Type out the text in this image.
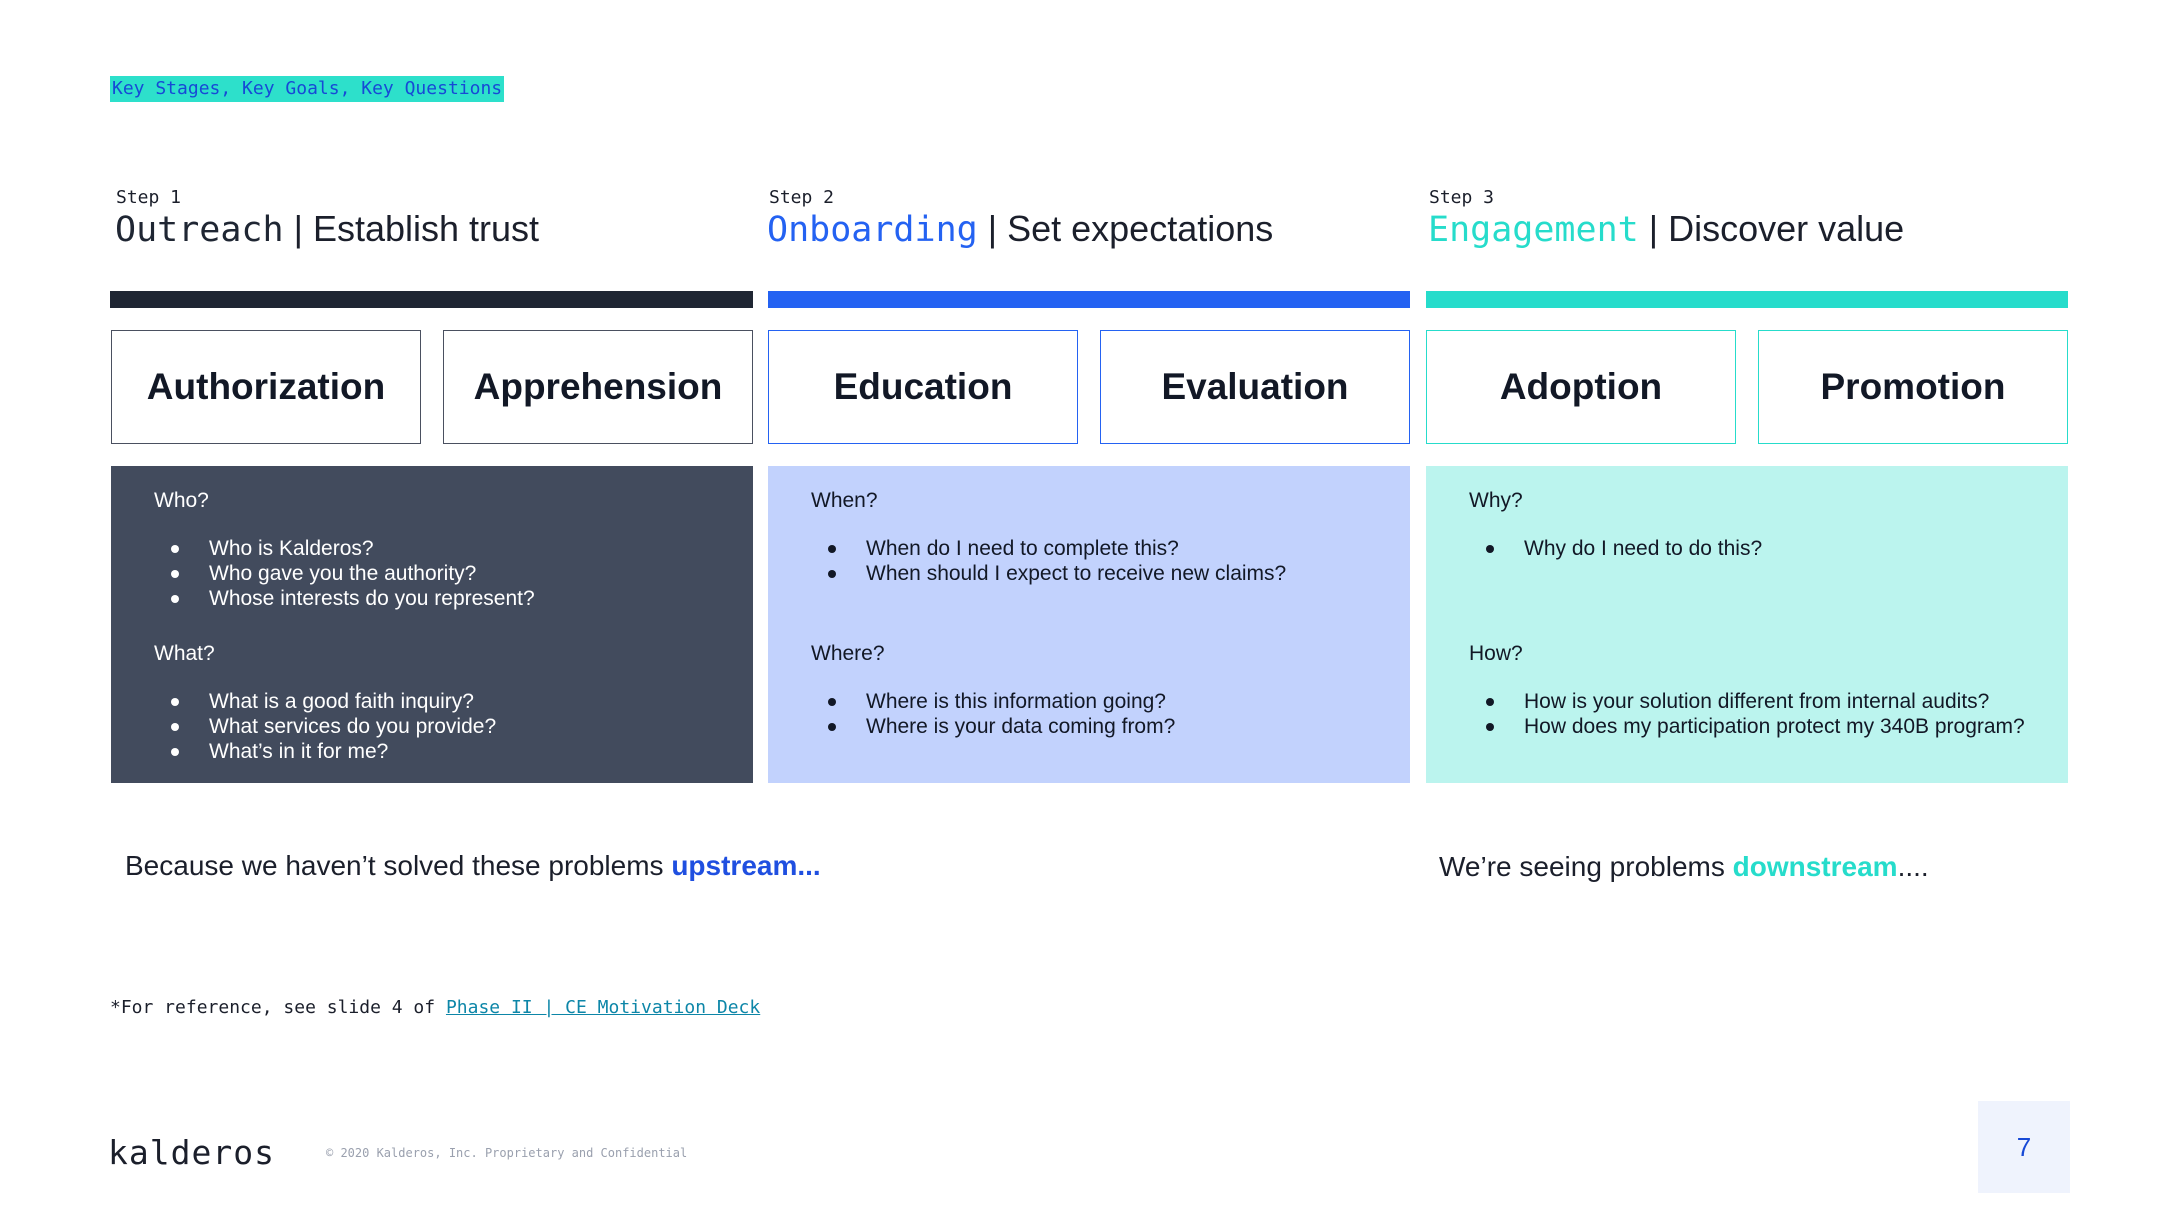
Key Stages, Key Goals, Key Questions
Step 1
Outreach | Establish trust
Step 2
Onboarding | Set expectations
Step 3
Engagement | Discover value
Authorization	Apprehension	Education	Evaluation	Adoption	Promotion
Who?
Who is Kalderos?
Who gave you the authority?
Whose interests do you represent?
What?
What is a good faith inquiry?
What services do you provide?
What’s in it for me?
When?
When do I need to complete this?
When should I expect to receive new claims?
Where?
Where is this information going?
Where is your data coming from?
Why?
Why do I need to do this?
How?
How is your solution different from internal audits?
How does my participation protect my 340B program?
Because we haven’t solved these problems upstream...	We’re seeing problems downstream....
*For reference, see slide 4 of Phase II | CE Motivation Deck
kalderos	© 2020 Kalderos, Inc. Proprietary and Confidential	7
